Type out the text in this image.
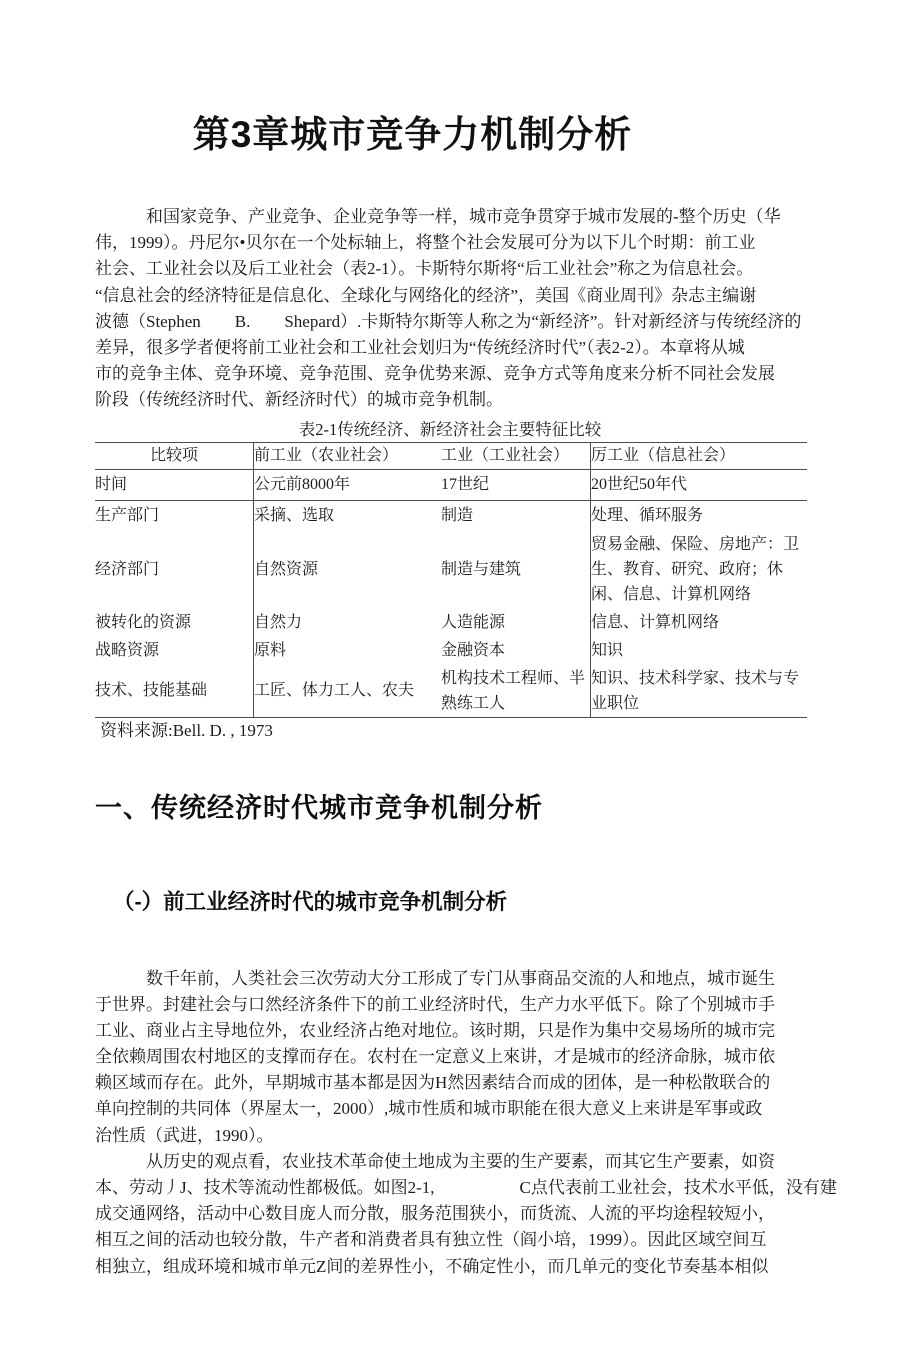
第3章城市竞争力机制分析
　　　和国家竞争、产业竞争、企业竞争等一样，城市竞争贯穿于城市发展的-整个历史（华
伟，1999）。丹尼尔•贝尔在一个处标轴上，将整个社会发展可分为以下儿个时期：前工业
社会、工业社会以及后工业社会（表2-1）。卡斯特尔斯将“后工业社会”称之为信息社会。
“信息社会的经济特征是信息化、全球化与网络化的经济”，美国《商业周刊》杂志主编谢
波德（Stephen　　B.　　Shepard）.卡斯特尔斯等人称之为“新经济”。针对新经济与传统经济的
差异，很多学者便将前工业社会和工业社会划归为“传统经济时代”（表2-2）。本章将从城
市的竞争主体、竞争环境、竞争范围、竞争优势来源、竞争方式等角度来分析不同社会发展
阶段（传统经济时代、新经济时代）的城市竞争机制。
表2-1传统经济、新经济社会主要特征比较
比较项	前工业（农业社会）	工业（工业社会）	厉工业（信息社会）
时间	公元前8000年	17世纪	20世纪50年代
生产部门	采摘、选取	制造	处理、循环服务
经济部门	自然资源	制造与建筑	贸易金融、保险、房地产：卫生、教育、研究、政府；休闲、信息、计算机网络
被转化的资源	自然力	人造能源	信息、计算机网络
战略资源	原料	金融资本	知识
技术、技能基础	工匠、体力工人、农夫	机构技术工程师、半熟练工人	知识、技术科学家、技术与专业职位
资料来源:Bell. D. , 1973
一、传统经济时代城市竞争机制分析
（-）前工业经济时代的城市竞争机制分析
　　　数千年前，人类社会三次劳动大分工形成了专门从事商品交流的人和地点，城市诞生
于世界。封建社会与口然经济条件下的前工业经济时代，生产力水平低下。除了个别城市手
工业、商业占主导地位外，农业经济占绝对地位。该时期，只是作为集中交易场所的城市完
全依赖周围农村地区的支撑而存在。农村在一定意义上來讲，才是城市的经济命脉，城市依
赖区域而存在。此外，早期城市基本都是因为H然因素结合而成的团体，是一种松散联合的
单向控制的共同体（界屋太一，2000）,城市性质和城市职能在很大意义上来讲是军事或政
治性质（武进，1990）。
　　　从历史的观点看，农业技术革命使土地成为主要的生产要素，而其它生产要素，如资
本、劳动丿J、技术等流动性都极低。如图2-1,　　　　　C点代表前工业社会，技术水平低，没有建
成交通网络，活动中心数目庞人而分散，服务范围狭小，而货流、人流的平均途程较短小，
相互之间的活动也较分散，牛产者和消费者具有独立性（阎小培，1999）。因此区域空间互
相独立，组成环境和城市单元Z间的差界性小，不确定性小，而几单元的变化节奏基本相似
